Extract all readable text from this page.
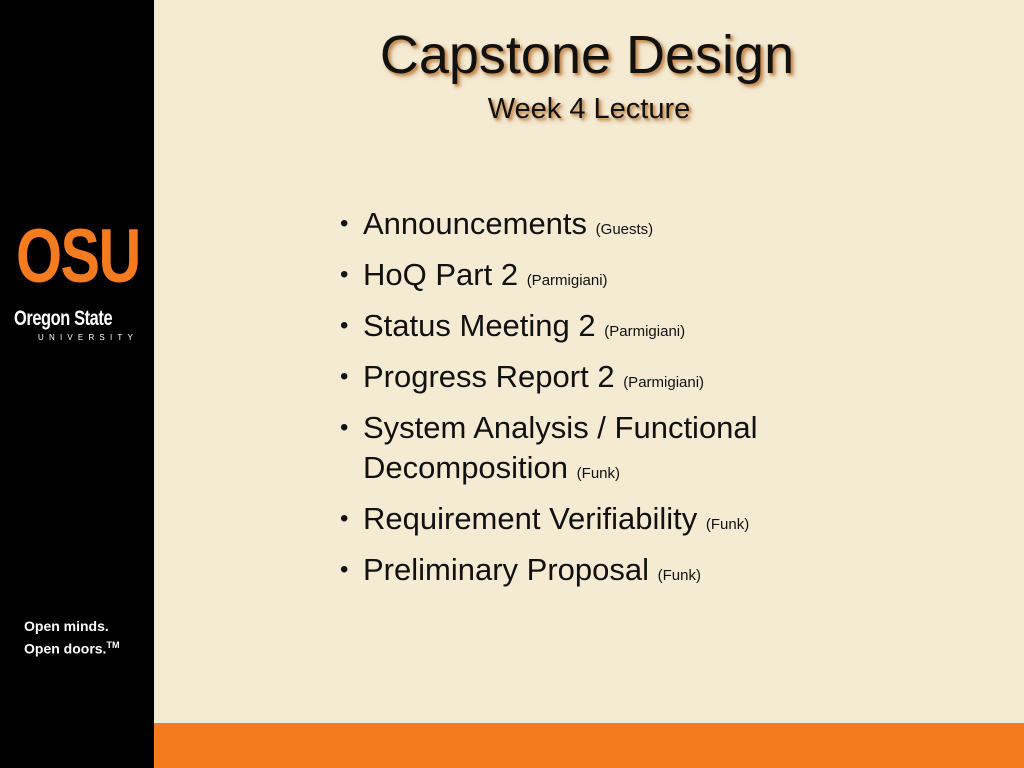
OSU
Oregon State
UNIVERSITY
Open minds.
Open doors.™
Capstone Design
Week 4 Lecture
• Announcements (Guests)
• HoQ Part 2 (Parmigiani)
• Status Meeting 2 (Parmigiani)
• Progress Report 2 (Parmigiani)
• System Analysis / Functional Decomposition (Funk)
• Requirement Verifiability (Funk)
• Preliminary Proposal (Funk)
